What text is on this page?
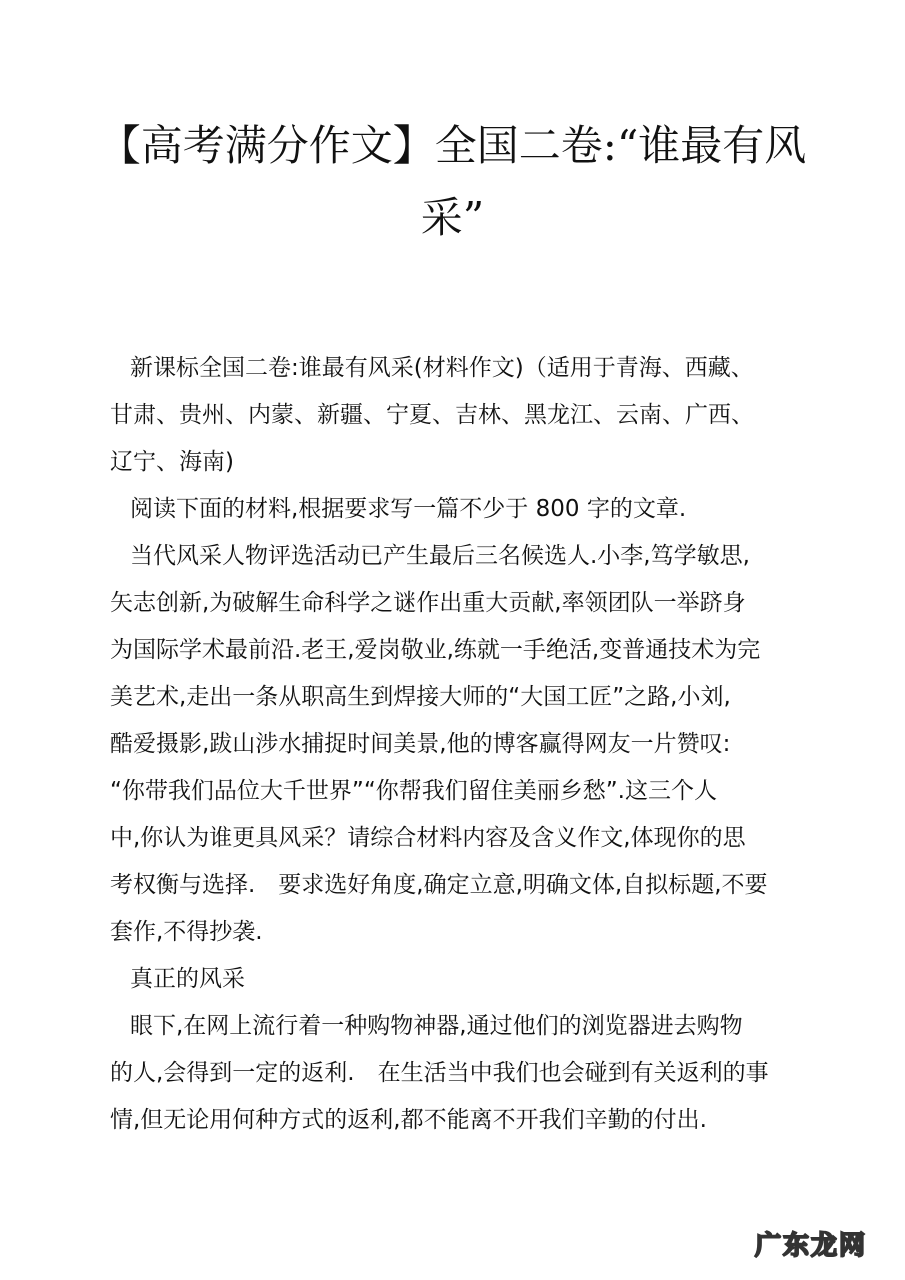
【高考满分作文】全国二卷:“谁最有风
采”
新课标全国二卷:谁最有风采(材料作文)（适用于青海、西藏、
甘肃、贵州、内蒙、新疆、宁夏、吉林、黑龙江、云南、广西、
辽宁、海南)
阅读下面的材料,根据要求写一篇不少于 800 字的文章.
当代风采人物评选活动已产生最后三名候选人.小李,笃学敏思,
矢志创新,为破解生命科学之谜作出重大贡献,率领团队一举跻身
为国际学术最前沿.老王,爱岗敬业,练就一手绝活,变普通技术为完
美艺术,走出一条从职高生到焊接大师的“大国工匠”之路,小刘,
酷爱摄影,跋山涉水捕捉时间美景,他的博客赢得网友一片赞叹:
“你带我们品位大千世界”“你帮我们留住美丽乡愁”.这三个人
中,你认为谁更具风采？请综合材料内容及含义作文,体现你的思
考权衡与选择.　要求选好角度,确定立意,明确文体,自拟标题,不要
套作,不得抄袭.
真正的风采
眼下,在网上流行着一种购物神器,通过他们的浏览器进去购物
的人,会得到一定的返利.　在生活当中我们也会碰到有关返利的事
情,但无论用何种方式的返利,都不能离不开我们辛勤的付出.
广东龙网
